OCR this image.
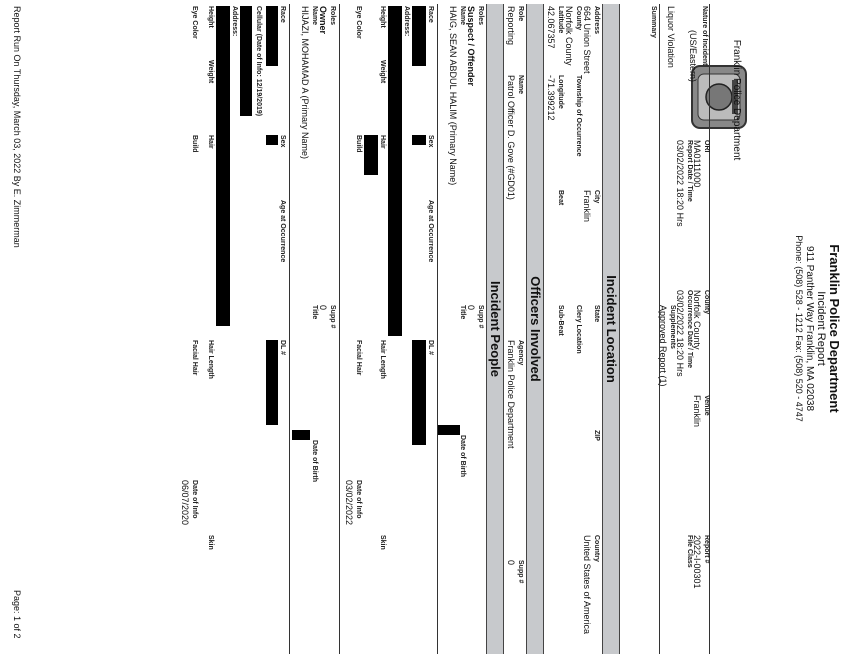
Franklin Police Department
Franklin Police Department
Incident Report
911 Panther Way Franklin, MA 02038
Phone: (508) 528 - 1212 Fax: (508) 520 - 4747
Nature of Incident
(US/Eastern)
ORI
MA0111000
Report Date / Time
03/02/2022 18:20 Hrs
County
Norfolk County
Occurrence Date / Time
03/02/2022 18:20 Hrs
Venue
Franklin
Report #
2022-I-00301
File Class
Supplements
Approved Report (1)
Liquor Violation
Summary
Incident Location
Address
664 Union Street
City
Franklin
State
ZIP
Country
United States of America
County
Norfolk County
Township of Occurrence
Clery Location
Latitude
42.067357
Longitude
-71.399212
Beat
Sub-Beat
Officers Involved
Role
Reporting
Name
Patrol Officer D. Gove (#GD01)
Agency
Franklin Police Department
Supp #
0
Incident People
Roles
Suspect / Offender
Supp #
0
Name
HAIG, SEAN ABDUL HALIM (Primary Name)
Title
Date of Birth
Race
Sex
Age at Occurrence
DL #
Address:
Height
Weight
Hair
Hair Length
Skin
Eye Color
Build
Facial Hair
Date of Info
03/02/2022
Roles
Owner
Supp #
0
Name
HIJAZI, MOHAMAD A (Primary Name)
Title
Date of Birth
Race
Sex
Age at Occurrence
DL #
Cellular (Date of Info: 12/19/2019)
Address:
Height
Weight
Hair
Hair Length
Skin
Eye Color
Build
Facial Hair
Date of Info
06/07/2020
Report Run On Thursday, March 03, 2022 By E. Zimmerman
Page: 1 of 2
